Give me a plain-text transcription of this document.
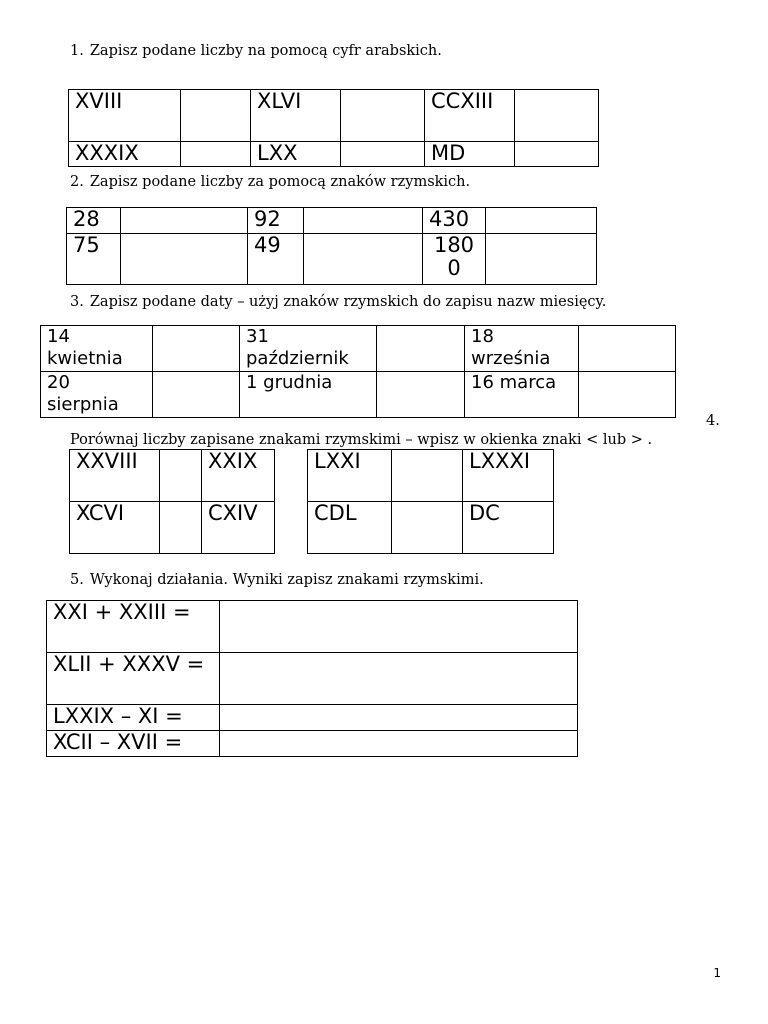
1. Zapisz podane liczby na pomocą cyfr arabskich.
XVIII		XLVI		CCXIII	
XXXIX		LXX		MD	
2. Zapisz podane liczby za pomocą znaków rzymskich.
28		92		430	
75		49		1800	
3. Zapisz podane daty – użyj znaków rzymskich do zapisu nazw miesięcy.
14 kwietnia		31 październik		18 września	
20 sierpnia		1 grudnia		16 marca	
4.
Porównaj liczby zapisane znakami rzymskimi – wpisz w okienka znaki < lub > .
XXVIII		XXIX
XCVI		CXIV
LXXI		LXXXI
CDL		DC
5. Wykonaj działania. Wyniki zapisz znakami rzymskimi.
XXI + XXIII =	
XLII + XXXV =	
LXXIX – XI =	
XCII – XVII =	
1
